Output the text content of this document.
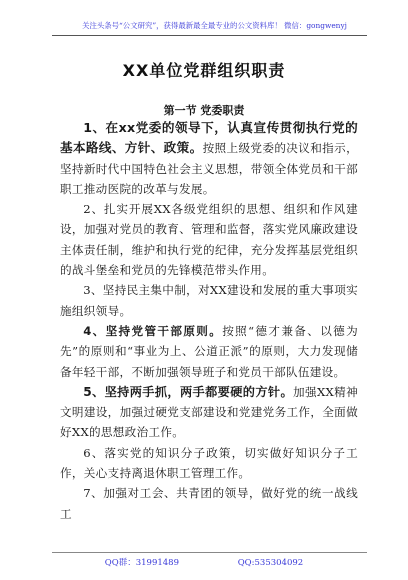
关注头条号“公文研究”，获得最新最全最专业的公文资料库！ 微信：gongwenyj
XX单位党群组织职责
第一节 党委职责

1、在xx党委的领导下，认真宣传贯彻执行党的基本路线、方针、政策。按照上级党委的决议和指示，坚持新时代中国特色社会主义思想，带领全体党员和干部职工推动医院的改革与发展。

2、扎实开展XX各级党组织的思想、组织和作风建设，加强对党员的教育、管理和监督，落实党风廉政建设主体责任制，维护和执行党的纪律，充分发挥基层党组织的战斗堡垒和党员的先锋模范带头作用。

3、坚持民主集中制，对XX建设和发展的重大事项实施组织领导。

4、坚持党管干部原则。按照“德才兼备、以德为先”的原则和“事业为上、公道正派”的原则，大力发现储备年轻干部，不断加强领导班子和党员干部队伍建设。

5、坚持两手抓，两手都要硬的方针。加强XX精神文明建设，加强过硬党支部建设和党建党务工作，全面做好XX的思想政治工作。

6、落实党的知识分子政策，切实做好知识分子工作，关心支持离退休职工管理工作。

7、加强对工会、共青团的领导，做好党的统一战线工

QQ群：31991489	QQ:535304092
